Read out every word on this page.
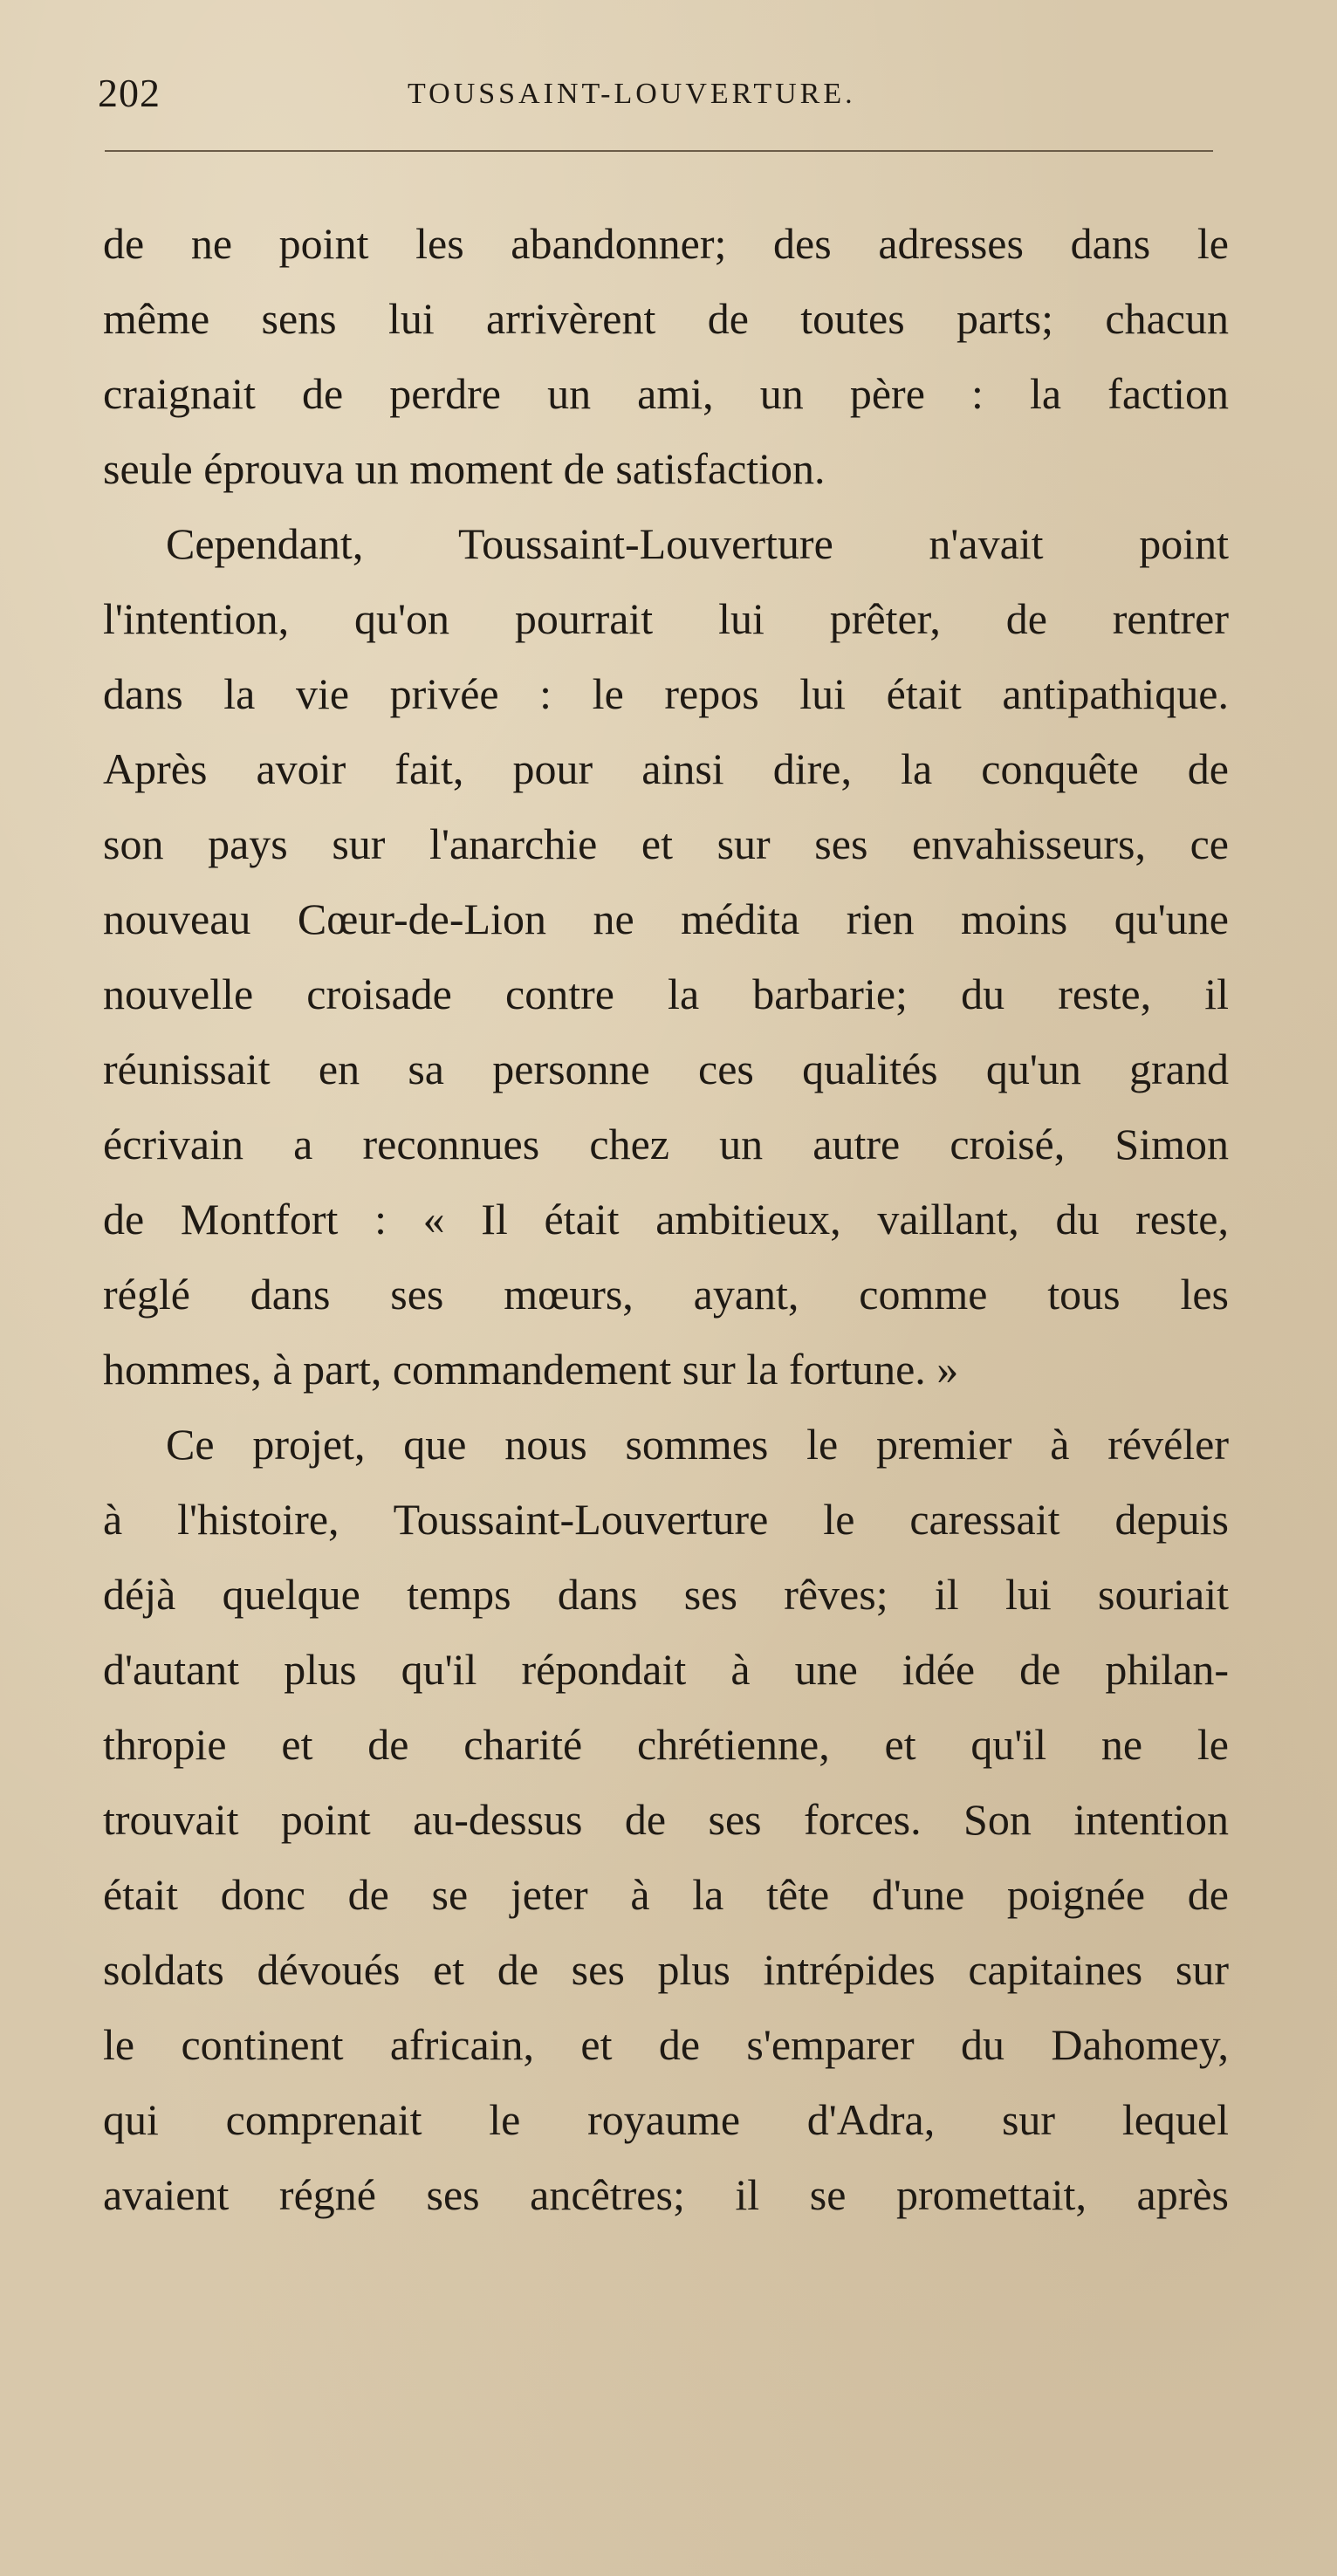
202	TOUSSAINT-LOUVERTURE.
de ne point les abandonner; des adresses dans le
même sens lui arrivèrent de toutes parts; chacun
craignait de perdre un ami, un père : la faction
seule éprouva un moment de satisfaction.
Cependant, Toussaint-Louverture n'avait point
l'intention, qu'on pourrait lui prêter, de rentrer
dans la vie privée : le repos lui était antipathique.
Après avoir fait, pour ainsi dire, la conquête de
son pays sur l'anarchie et sur ses envahisseurs, ce
nouveau Cœur-de-Lion ne médita rien moins qu'une
nouvelle croisade contre la barbarie; du reste, il
réunissait en sa personne ces qualités qu'un grand
écrivain a reconnues chez un autre croisé, Simon
de Montfort : « Il était ambitieux, vaillant, du reste,
réglé dans ses mœurs, ayant, comme tous les
hommes, à part, commandement sur la fortune. »
Ce projet, que nous sommes le premier à révéler
à l'histoire, Toussaint-Louverture le caressait depuis
déjà quelque temps dans ses rêves; il lui souriait
d'autant plus qu'il répondait à une idée de philan-
thropie et de charité chrétienne, et qu'il ne le
trouvait point au-dessus de ses forces. Son intention
était donc de se jeter à la tête d'une poignée de
soldats dévoués et de ses plus intrépides capitaines sur
le continent africain, et de s'emparer du Dahomey,
qui comprenait le royaume d'Adra, sur lequel
avaient régné ses ancêtres; il se promettait, après
